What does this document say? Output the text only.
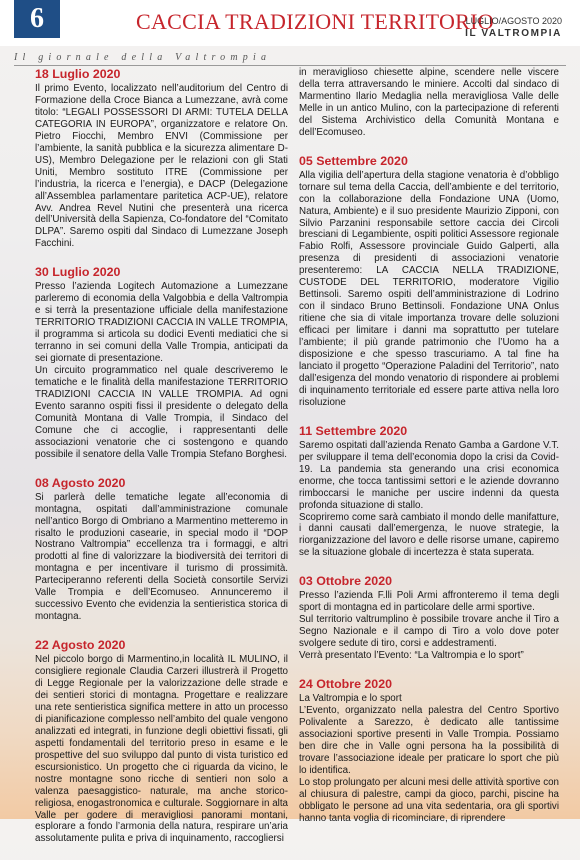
6	CACCIA TRADIZIONI TERRITORIO
LUGLIO/AGOSTO 2020
IL VALTROMPIA
Il giornale della Valtrompia
18 Luglio 2020

Il primo Evento, localizzato nell’auditorium del Centro di Formazione della Croce Bianca a Lumezzane, avrà come titolo: “LEGALI POSSESSORI DI ARMI: TUTELA DELLA CATEGORIA IN EUROPA”, organizzatore e relatore On. Pietro Fiocchi, Membro ENVI (Commissione per l’ambiente, la sanità pubblica e la sicurezza alimentare D-US), Membro Delegazione per le relazioni con gli Stati Uniti, Membro sostituto ITRE (Commissione per l’industria, la ricerca e l’energia), e DACP (Delegazione all’Assemblea parlamentare paritetica ACP-UE), relatore Avv. Andrea Revel Nutini che presenterà una ricerca dell’Università della Sapienza, Co-fondatore del “Comitato DLPA”. Saremo ospiti dal Sindaco di Lumezzane Joseph Facchini.

30 Luglio 2020

Presso l’azienda Logitech Automazione a Lumezzane parleremo di economia della Valgobbia e della Valtrompia e si terrà la presentazione ufficiale della manifestazione TERRITORIO TRADIZIONI CACCIA IN VALLE TROMPIA, il programma si articola su dodici Eventi mediatici che si terranno in sei comuni della Valle Trompia, anticipati da sei giornate di presentazione.

Un circuito programmatico nel quale descriveremo le tematiche e le finalità della manifestazione TERRITORIO TRADIZIONI CACCIA IN VALLE TROMPIA. Ad ogni Evento saranno ospiti fissi il presidente o delegato della Comunità Montana di Valle Trompia, il Sindaco del Comune che ci accoglie, i rappresentanti delle associazioni venatorie che ci sostengono e quando possibile il senatore della Valle Trompia Stefano Borghesi.

08 Agosto 2020

Si parlerà delle tematiche legate all’economia di montagna, ospitati dall’amministrazione comunale nell’antico Borgo di Ombriano a Marmentino metteremo in risalto le produzioni casearie, in special modo il “DOP Nostrano Valtrompia” eccellenza tra i formaggi, e altri prodotti al fine di valorizzare la biodiversità dei territori di montagna e per incentivare il turismo di prossimità. Parteciperanno referenti della Società consortile Servizi Valle Trompia e dell’Ecomuseo. Annunceremo il successivo Evento che evidenzia la sentieristica storica di montagna.

22 Agosto 2020

Nel piccolo borgo di Marmentino,in località IL MULINO, il consigliere regionale Claudia Carzeri illustrerà il Progetto di Legge Regionale per la valorizzazione delle strade e dei sentieri storici di montagna. Progettare e realizzare una rete sentieristica significa mettere in atto un processo di pianificazione complesso nell’ambito del quale vengono analizzati ed integrati, in funzione degli obiettivi fissati, gli aspetti fondamentali del territorio preso in esame e le prospettive del suo sviluppo dal punto di vista turistico ed escursionistico. Un progetto che ci riguarda da vicino, le nostre montagne sono ricche di sentieri non solo a valenza paesaggistico- naturale, ma anche storico-religiosa, enogastronomica e culturale. Soggiornare in alta Valle per godere di meravigliosi panorami montani, esplorare a fondo l’armonia della natura, respirare un’aria assolutamente pulita e priva di inquinamento, raccogliersi

in meraviglioso chiesette alpine, scendere nelle viscere della terra attraversando le miniere. Accolti dal sindaco di Marmentino Ilario Medaglia nella meravigliosa Valle delle Melle in un antico Mulino, con la partecipazione di referenti del Sistema Archivistico della Comunità Montana e dell’Ecomuseo.

05 Settembre 2020

Alla vigilia dell’apertura della stagione venatoria è d’obbligo tornare sul tema della Caccia, dell’ambiente e del territorio, con la collaborazione della Fondazione UNA (Uomo, Natura, Ambiente) e il suo presidente Maurizio Zipponi, con Silvio Parzanini responsabile settore caccia dei Circoli bresciani di Legambiente, ospiti politici Assessore regionale Fabio Rolfi, Assessore provinciale Guido Galperti, alla presenza di presidenti di associazioni venatorie presenteremo: LA CACCIA NELLA TRADIZIONE, CUSTODE DEL TERRITORIO, moderatore Vigilio Bettinsoli. Saremo ospiti dell’amministrazione di Lodrino con il sindaco Bruno Bettinsoli. Fondazione UNA Onlus ritiene che sia di vitale importanza trovare delle soluzioni efficaci per limitare i danni ma soprattutto per tutelare l’ambiente; il più grande patrimonio che l’Uomo ha a disposizione e che spesso trascuriamo. A tal fine ha lanciato il progetto “Operazione Paladini del Territorio”, nato dall’esigenza del mondo venatorio di rispondere ai problemi di inquinamento territoriale ed essere parte attiva nella loro risoluzione

11 Settembre 2020

Saremo ospitati dall’azienda Renato Gamba a Gardone V.T. per sviluppare il tema dell’economia dopo la crisi da Covid-19. La pandemia sta generando una crisi economica enorme, che tocca tantissimi settori e le aziende dovranno rimboccarsi le maniche per uscire indenni da questa profonda situazione di stallo.

Scopriremo come sarà cambiato il mondo delle manifatture, i danni causati dall’emergenza, le nuove strategie, la riorganizzazione del lavoro e delle risorse umane, capiremo se la situazione globale di incertezza è stata superata.

03 Ottobre 2020

Presso l’azienda F.lli Poli Armi affronteremo il tema degli sport di montagna ed in particolare delle armi sportive.

Sul territorio valtrumplino è possibile trovare anche il Tiro a Segno Nazionale e il campo di Tiro a volo dove poter svolgere sedute di tiro, corsi e addestramenti.

Verrà presentato l’Evento: “La Valtrompia e lo sport”

24 Ottobre 2020

La Valtrompia e lo sport

L’Evento, organizzato nella palestra del Centro Sportivo Polivalente a Sarezzo, è dedicato alle tantissime associazioni sportive presenti in Valle Trompia. Possiamo ben dire che in Valle ogni persona ha la possibilità di trovare l’associazione ideale per praticare lo sport che più lo identifica.

Lo stop prolungato per alcuni mesi delle attività sportive con al chiusura di palestre, campi da gioco, parchi, piscine ha obbligato le persone ad una vita sedentaria, ora gli sportivi hanno tanta voglia di ricominciare, di riprendere
